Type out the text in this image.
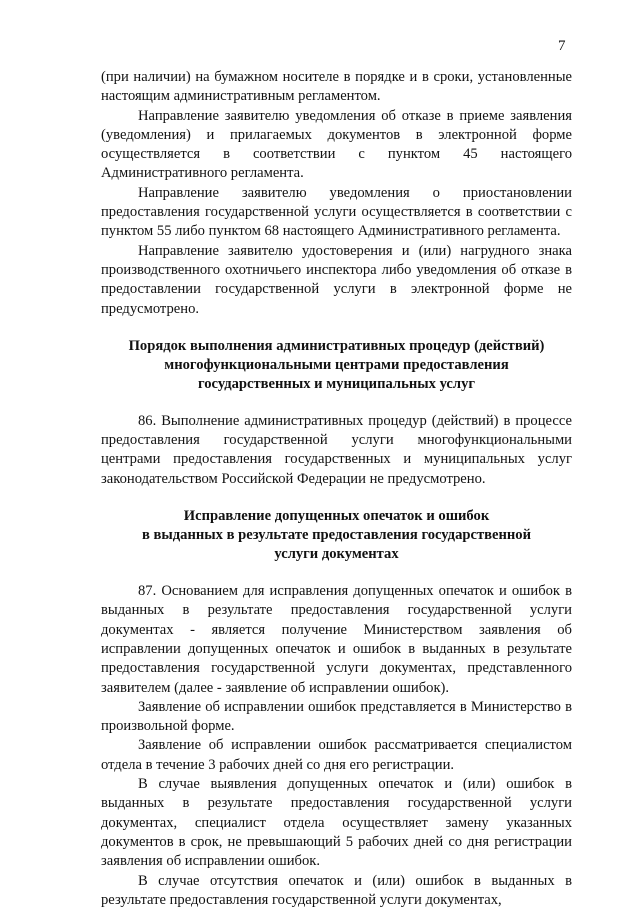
7

(при наличии) на бумажном носителе в порядке и в сроки, установленные настоящим административным регламентом.

Направление заявителю уведомления об отказе в приеме заявления (уведомления) и прилагаемых документов в электронной форме осуществляется в соответствии с пунктом 45 настоящего Административного регламента.

Направление заявителю уведомления о приостановлении предоставления государственной услуги осуществляется в соответствии с пунктом 55 либо пунктом 68 настоящего Административного регламента.

Направление заявителю удостоверения и (или) нагрудного знака производственного охотничьего инспектора либо уведомления об отказе в предоставлении государственной услуги в электронной форме не предусмотрено.

Порядок выполнения административных процедур (действий)
многофункциональными центрами предоставления
государственных и муниципальных услуг

86. Выполнение административных процедур (действий) в процессе предоставления государственной услуги многофункциональными центрами предоставления государственных и муниципальных услуг законодательством Российской Федерации не предусмотрено.

Исправление допущенных опечаток и ошибок
в выданных в результате предоставления государственной
услуги документах

87. Основанием для исправления допущенных опечаток и ошибок в выданных в результате предоставления государственной услуги документах - является получение Министерством заявления об исправлении допущенных опечаток и ошибок в выданных в результате предоставления государственной услуги документах, представленного заявителем (далее - заявление об исправлении ошибок).

Заявление об исправлении ошибок представляется в Министерство в произвольной форме.

Заявление об исправлении ошибок рассматривается специалистом отдела в течение 3 рабочих дней со дня его регистрации.

В случае выявления допущенных опечаток и (или) ошибок в выданных в результате предоставления государственной услуги документах, специалист отдела осуществляет замену указанных документов в срок, не превышающий 5 рабочих дней со дня регистрации заявления об исправлении ошибок.

В случае отсутствия опечаток и (или) ошибок в выданных в результате предоставления государственной услуги документах,
